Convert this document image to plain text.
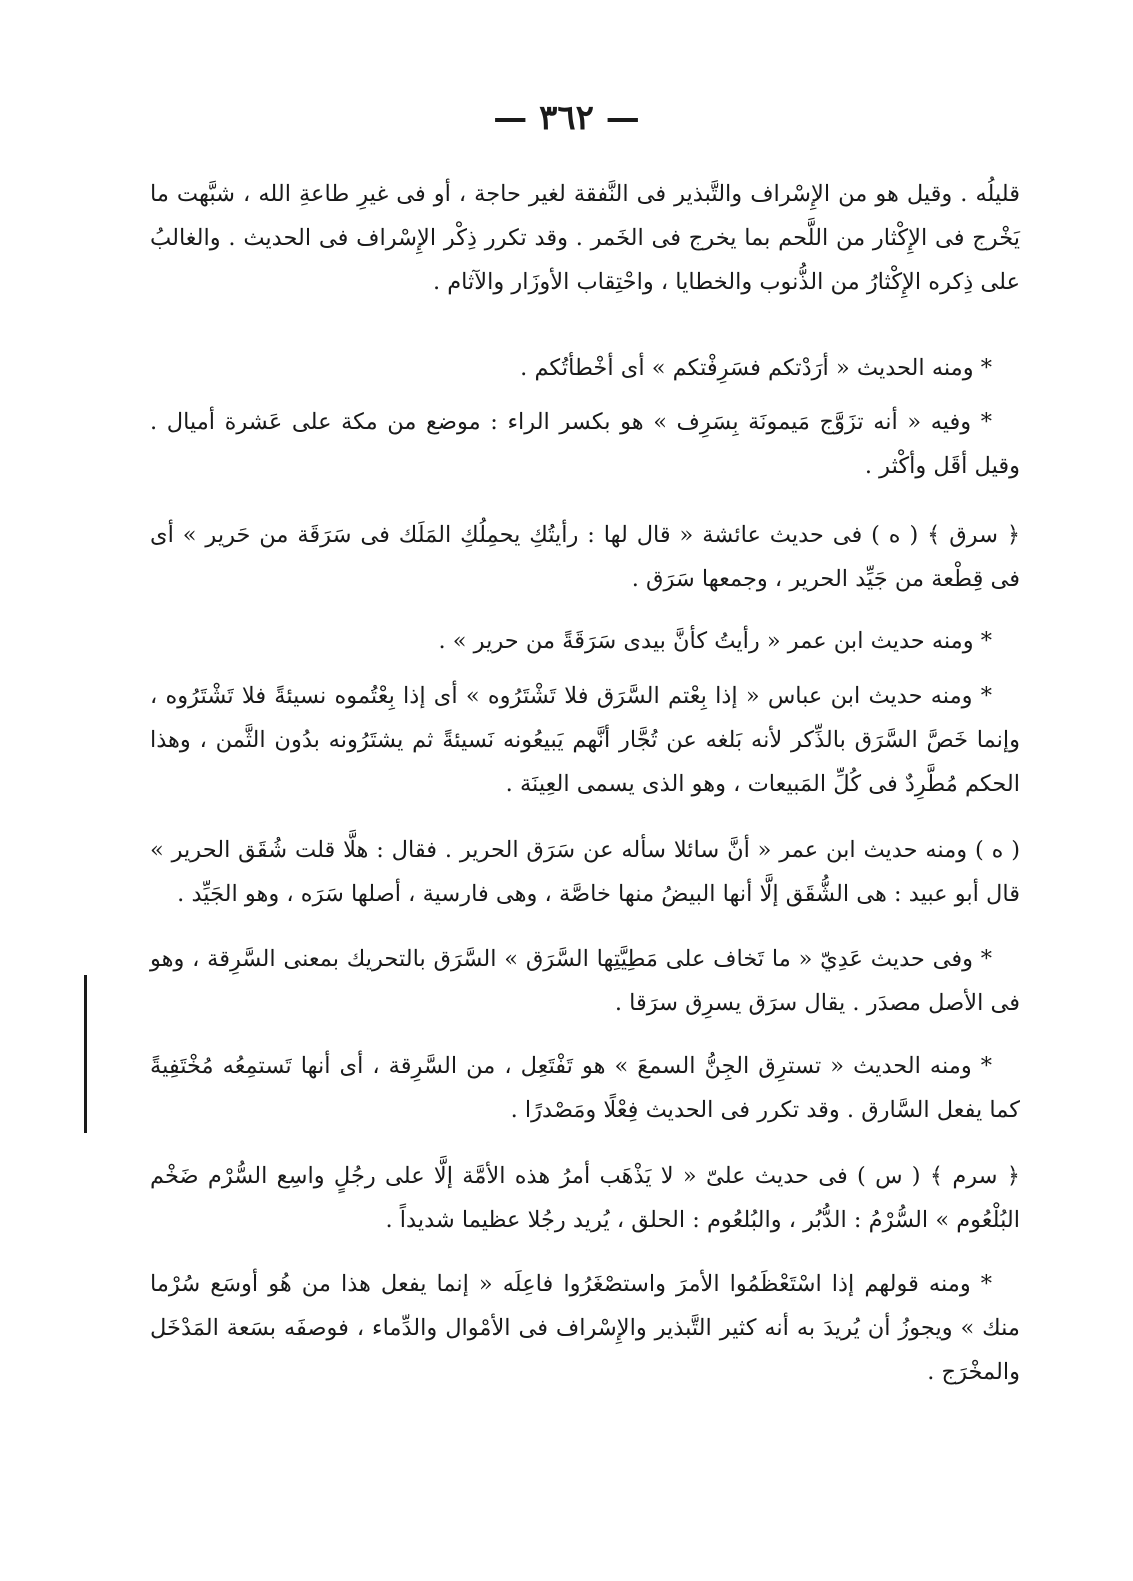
— ٣٦٢ —

قليلُه . وقيل هو من الإِسْراف والتَّبذير فى النَّفقة لغير حاجة ، أو فى غيرِ طاعةِ الله ، شبَّهت ما يَخْرج فى الإِكْثار من اللَّحم بما يخرج فى الخَمر . وقد تكرر ذِكْر الإِسْراف فى الحديث . والغالبُ على ذِكره الإِكْثارُ من الذُّنوب والخطايا ، واحْتِقاب الأوزَار والآثام .

* ومنه الحديث « أرَدْتكم فسَرِفْتكم » أى أخْطأتُكم .

* وفيه « أنه تزَوَّج مَيمونَة بِسَرِف » هو بكسر الراء : موضع من مكة على عَشرة أميال . وقيل أقَل وأكْثر .

﴿ سرق ﴾ ( ه ) فى حديث عائشة « قال لها : رأيتُكِ يحمِلُكِ المَلَك فى سَرَقَة من حَرير » أى فى قِطْعة من جَيِّد الحرير ، وجمعها سَرَق .

* ومنه حديث ابن عمر « رأيتُ كأنَّ بيدى سَرَقَةً من حرير » .

* ومنه حديث ابن عباس « إذا بِعْتم السَّرَق فلا تَشْتَرُوه » أى إذا بِعْتُموه نسيئةً فلا تَشْتَرُوه ، وإنما خَصَّ السَّرَق بالذِّكر لأنه بَلغه عن تُجَّار أنَّهم يَبيعُونه نَسيئةً ثم يشتَرُونه بدُون الثَّمن ، وهذا الحكم مُطَّرِدٌ فى كُلِّ المَبيعات ، وهو الذى يسمى العِينَة .

( ه ) ومنه حديث ابن عمر « أنَّ سائلا سأله عن سَرَق الحرير . فقال : هلَّا قلت شُقَق الحرير » قال أبو عبيد : هى الشُّقَق إلَّا أنها البيضُ منها خاصَّة ، وهى فارسية ، أصلها سَرَه ، وهو الجَيِّد .

* وفى حديث عَدِيّ « ما تَخاف على مَطِيَّتِها السَّرَق » السَّرَق بالتحريك بمعنى السَّرِقة ، وهو فى الأصل مصدَر . يقال سرَق يسرِق سرَقا .

* ومنه الحديث « تسترِق الجِنُّ السمعَ » هو تَفْتَعِل ، من السَّرِقة ، أى أنها تَستمِعُه مُخْتَفِيةً كما يفعل السَّارق . وقد تكرر فى الحديث فِعْلًا ومَصْدرًا .

﴿ سرم ﴾ ( س ) فى حديث علىّ « لا يَذْهَب أمرُ هذه الأمَّة إلَّا على رجُلٍ واسِع السُّرْم ضَخْم البُلْعُوم » السُّرْمُ : الدُّبُر ، والبُلعُوم : الحلق ، يُريد رجُلا عظيما شديداً .

* ومنه قولهم إذا اسْتَعْظَمُوا الأمرَ واستصْغَرُوا فاعِلَه « إنما يفعل هذا من هُو أوسَع سُرْما منك » ويجوزُ أن يُريدَ به أنه كثير التَّبذير والإِسْراف فى الأمْوال والدِّماء ، فوصفَه بسَعة المَدْخَل والمخْرَج .
